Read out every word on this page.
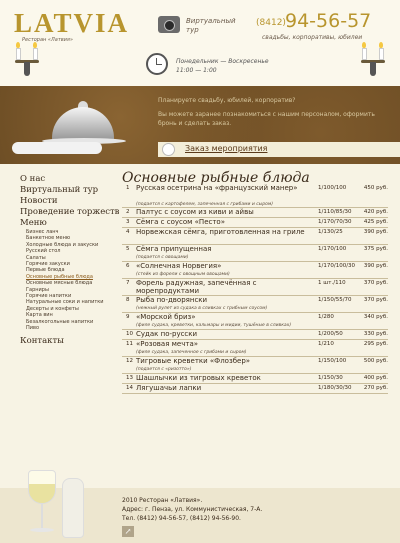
LATVIA
Ресторан «Латвия»
Виртуальный тур
(8412) 94-56-57
свадьбы, корпоративы, юбилеи
Понедельник — Воскресенье
11:00 — 1:00

Планируете свадьбу, юбилей, корпоратив?

Вы можете заранее познакомиться с нашим персоналом, оформить бронь и сделать заказ.

Заказ мероприятия
О нас
Виртуальный тур
Новости
Проведение торжеств
Меню
Бизнес ланч
Банкетное меню
Холодные блюда и закуски
Русский стол
Салаты
Горячие закуски
Первые блюда
Основные рыбные блюда
Основные мясные блюда
Гарниры
Горячие напитки
Натуральные соки и напитки
Десерты и конфеты
Карта вин
Безалкогольные напитки
Пиво
Контакты
Основные рыбные блюда
1 Русская осетрина на «французский манер»	1/100/100	450 руб.
(подается с картофелем, запеченная с грибами и сыром)
2 Палтус с соусом из киви и айвы	1/110/85/30	420 руб.
3 Сёмга с соусом «Песто»	1/170/70/30	425 руб.
4 Норвежская сёмга, приготовленная на гриле	1/130/25	390 руб.
5 Сёмга припущенная	1/170/100	375 руб.
(подается с овощами)
6 «Солнечная Норвегия»	1/170/100/30	390 руб.
(стейк из форели с овощным овощами)
7 Форель радужная, запечённая с морепродуктами
1 шт./110	370 руб.
8 Рыба по-дворянски	1/150/55/70	370 руб.
(нежный рулет из судака в сливках с грибным соусом)
9 «Морской бриз»	1/280	340 руб.
(филе судака, креветки, кальмары и мидии, тушёные в сливках)
10 Судак по-русски	1/200/50	330 руб.
11 «Розовая мечта»	1/210	295 руб.
(филе судака, запеченное с грибами и сыром)
12 Тигровые креветки «Флозбер»	1/150/100	500 руб.
(подается с «ризотто»)
13 Шашлычки из тигровых креветок	1/150/30	400 руб.
14 Лягушачьи лапки	1/180/30/30	270 руб.
2010 Ресторан «Латвия».
Адрес: г. Пенза, ул. Коммунистическая, 7-А.
Тел. (8412) 94-56-57, (8412) 94-56-90.
↗
